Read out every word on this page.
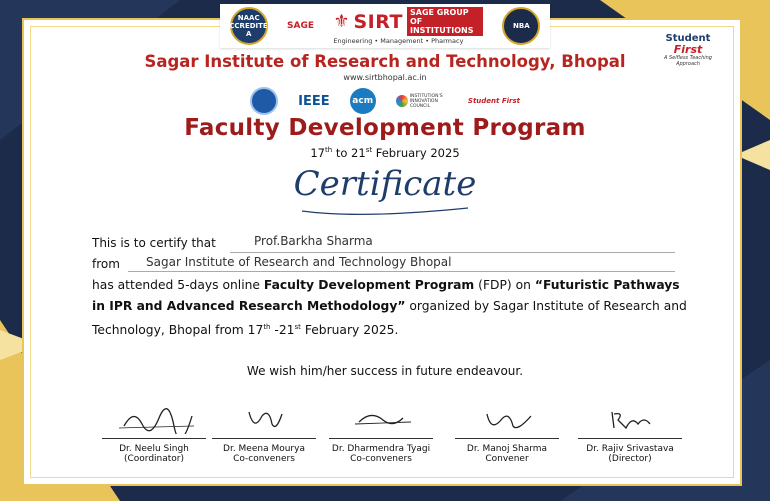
NAAC ACCREDITED A
SAGE ⚜ SIRT SAGE GROUP OF INSTITUTIONS
Engineering • Management • Pharmacy
NBA
Student
First
A Selfless Teaching Approach
Sagar Institute of Research and Technology, Bhopal
www.sirtbhopal.ac.in
IEEE	acm	INSTITUTION'S INNOVATION COUNCIL
Student First
Faculty Development Program
17th to 21st February 2025
Certificate
This is to certify that	Prof.Barkha Sharma
from Sagar Institute of Research and Technology Bhopal
has attended 5-days online Faculty Development Program (FDP) on “Futuristic Pathways in IPR and Advanced Research Methodology” organized by Sagar Institute of Research and Technology, Bhopal from 17th -21st February 2025.
We wish him/her success in future endeavour.
Dr. Neelu Singh
(Coordinator)
Dr. Meena Mourya
Co-conveners
Dr. Dharmendra Tyagi
Co-conveners
Dr. Manoj Sharma
Convener
Dr. Rajiv Srivastava
(Director)
